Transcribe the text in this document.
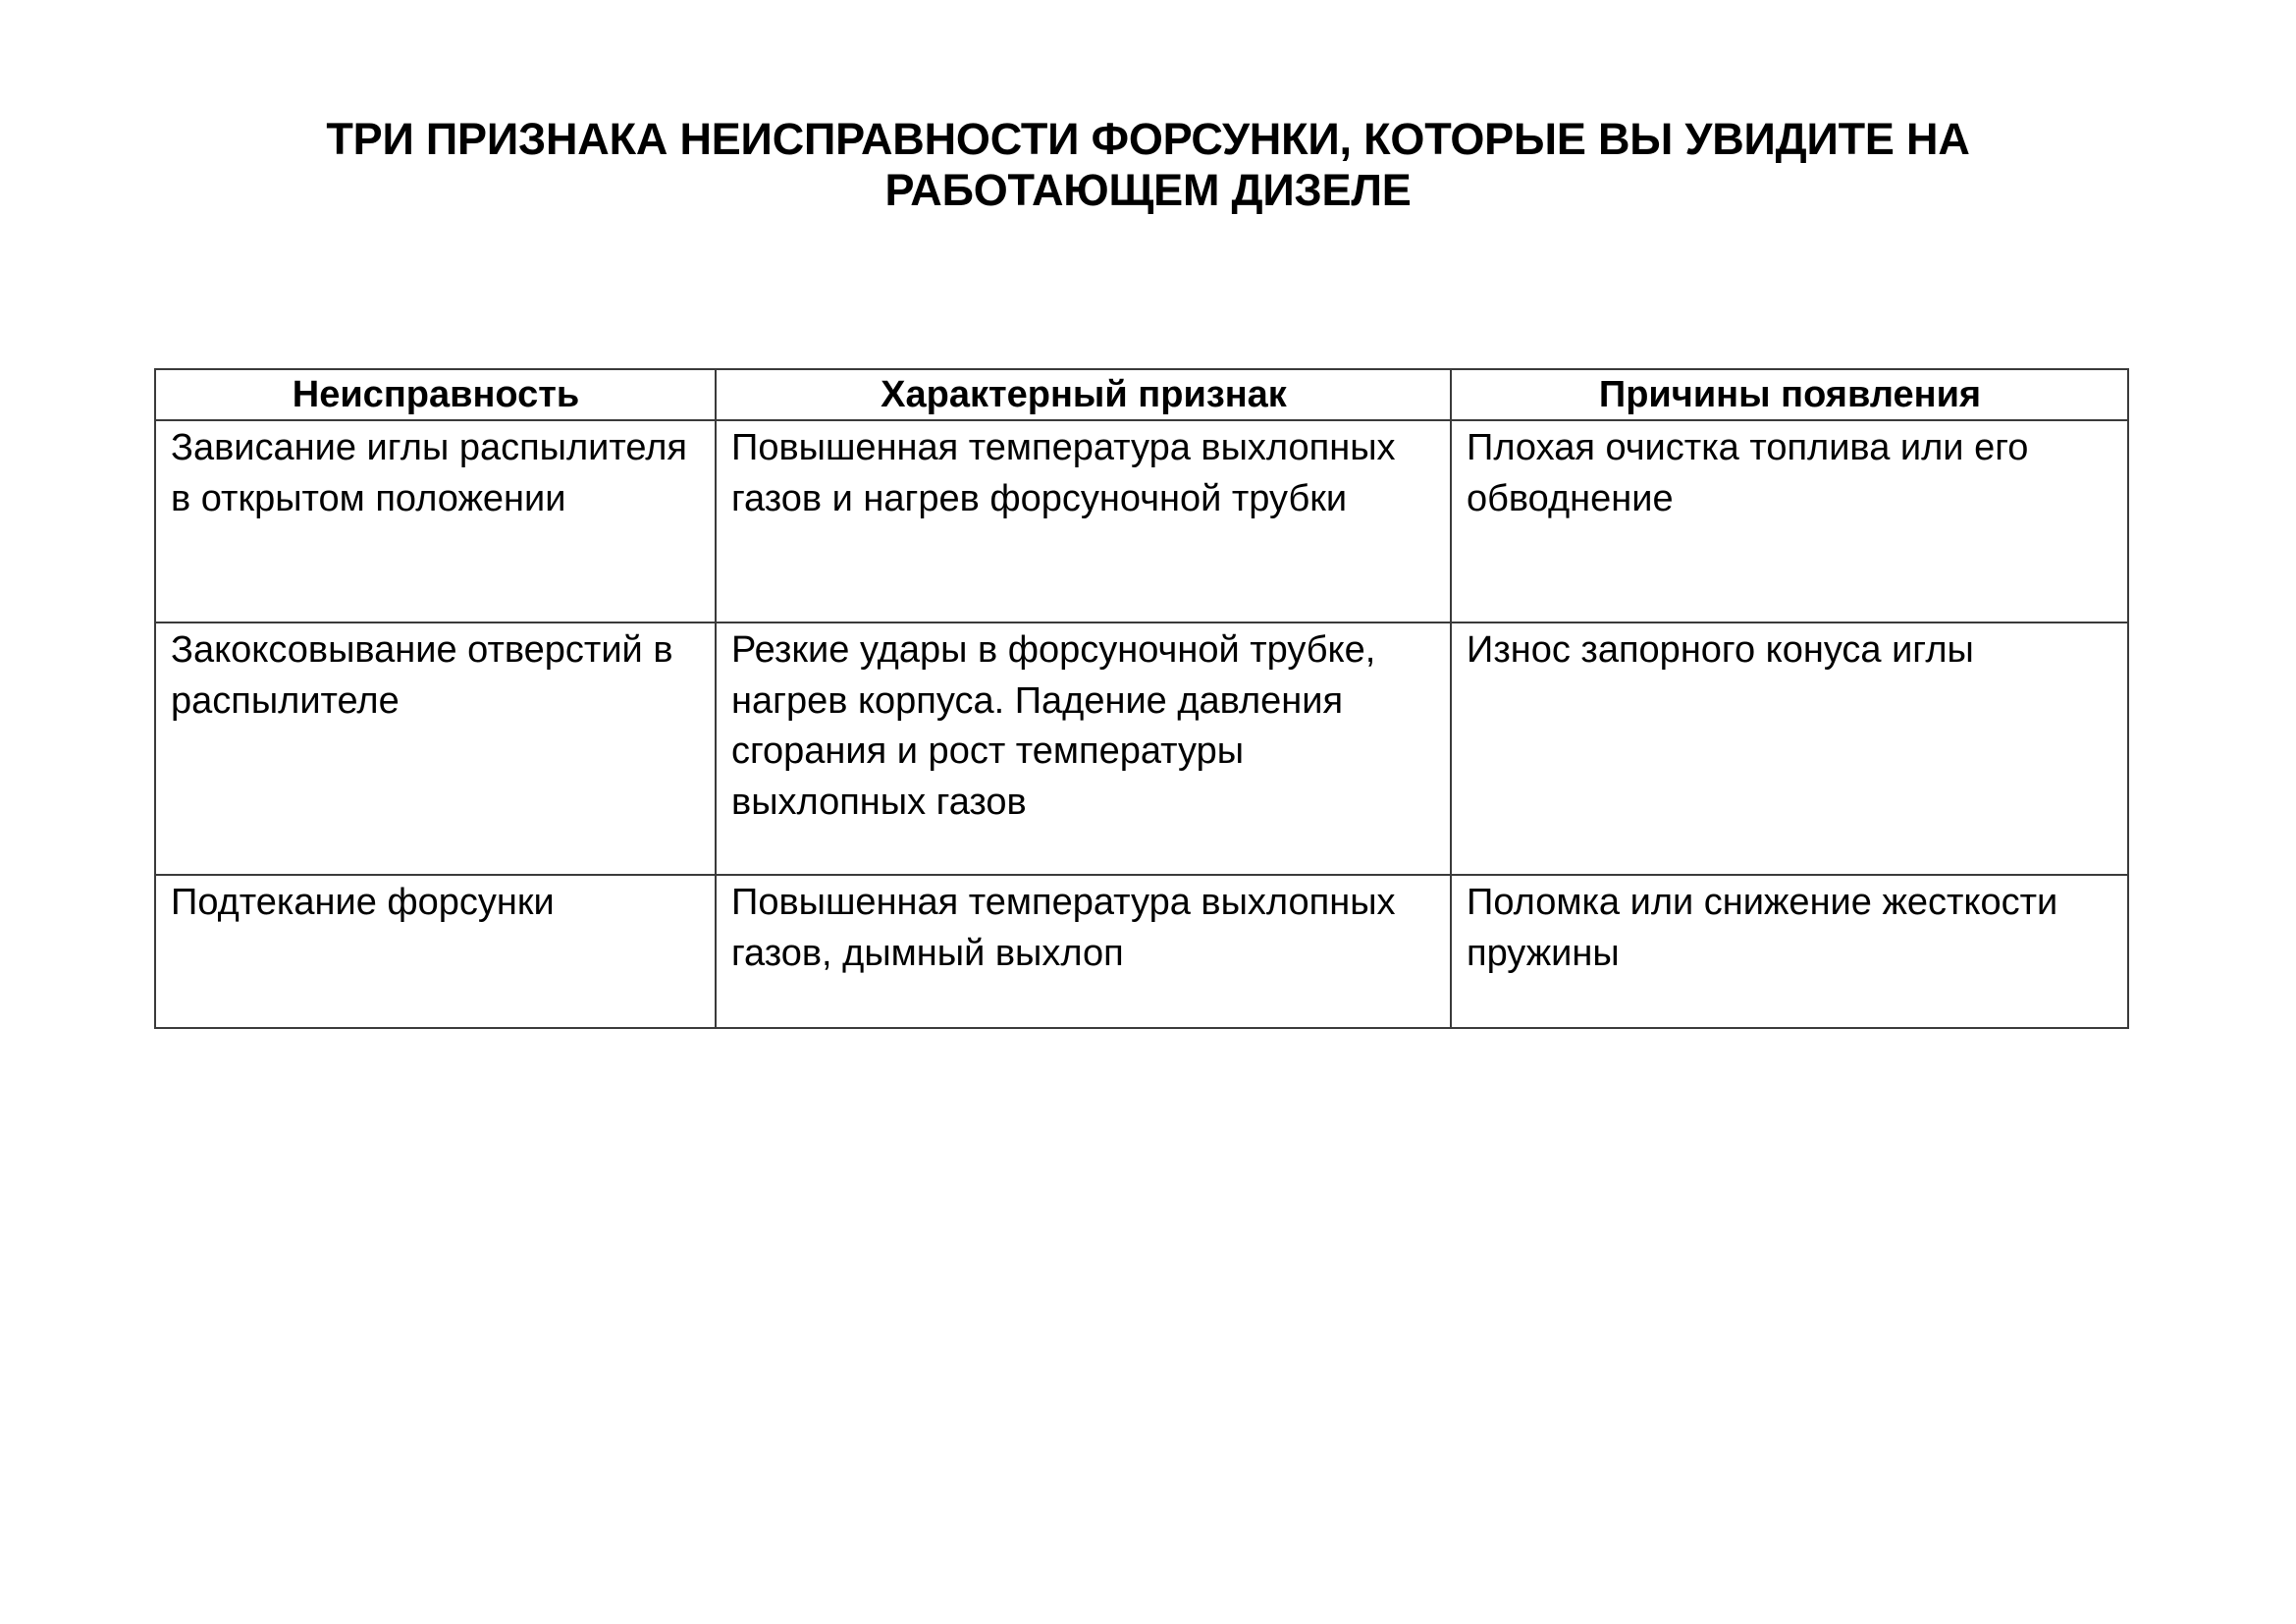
ТРИ ПРИЗНАКА НЕИСПРАВНОСТИ ФОРСУНКИ, КОТОРЫЕ ВЫ УВИДИТЕ НА
РАБОТАЮЩЕМ ДИЗЕЛЕ
Неисправность	Характерный признак	Причины появления
Зависание иглы распылителя в открытом положении	Повышенная температура выхлопных газов и нагрев форсуночной трубки	Плохая очистка топлива или его обводнение
Закоксовывание отверстий в распылителе	Резкие удары в форсуночной трубке, нагрев корпуса. Падение давления сгорания и рост температуры выхлопных газов	Износ запорного конуса иглы
Подтекание форсунки	Повышенная температура выхлопных газов, дымный выхлоп	Поломка или снижение жесткости пружины
